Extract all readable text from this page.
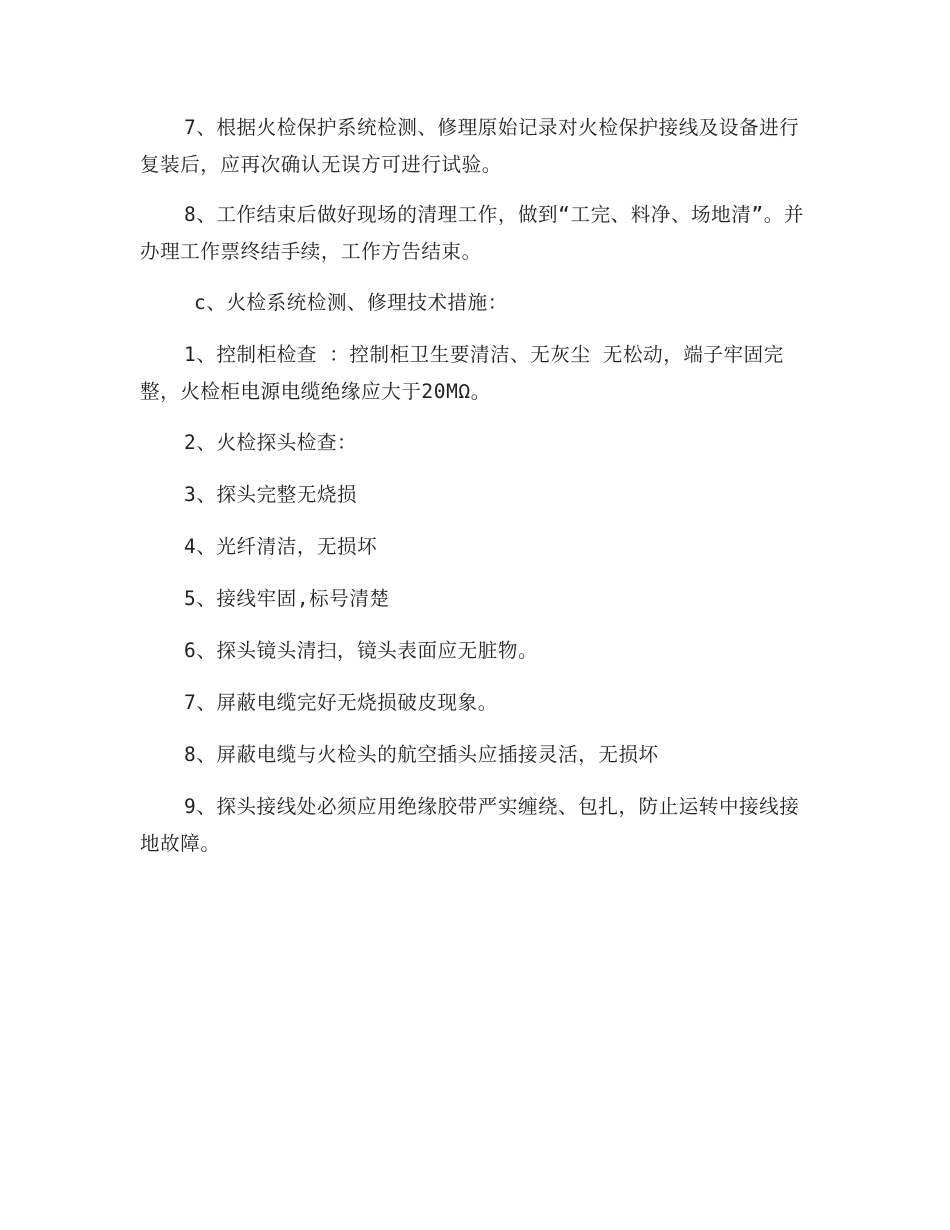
7、根据火检保护系统检测、修理原始记录对火检保护接线及设备进行复装后，应再次确认无误方可进行试验。

8、工作结束后做好现场的清理工作，做到“工完、料净、场地清”。并办理工作票终结手续，工作方告结束。

c、火检系统检测、修理技术措施：

1、控制柜检查 ：控制柜卫生要清洁、无灰尘 无松动，端子牢固完整，火检柜电源电缆绝缘应大于20MΩ。

2、火检探头检查：

3、探头完整无烧损

4、光纤清洁，无损坏

5、接线牢固,标号清楚

6、探头镜头清扫，镜头表面应无脏物。

7、屏蔽电缆完好无烧损破皮现象。

8、屏蔽电缆与火检头的航空插头应插接灵活，无损坏

9、探头接线处必须应用绝缘胶带严实缠绕、包扎，防止运转中接线接地故障。
